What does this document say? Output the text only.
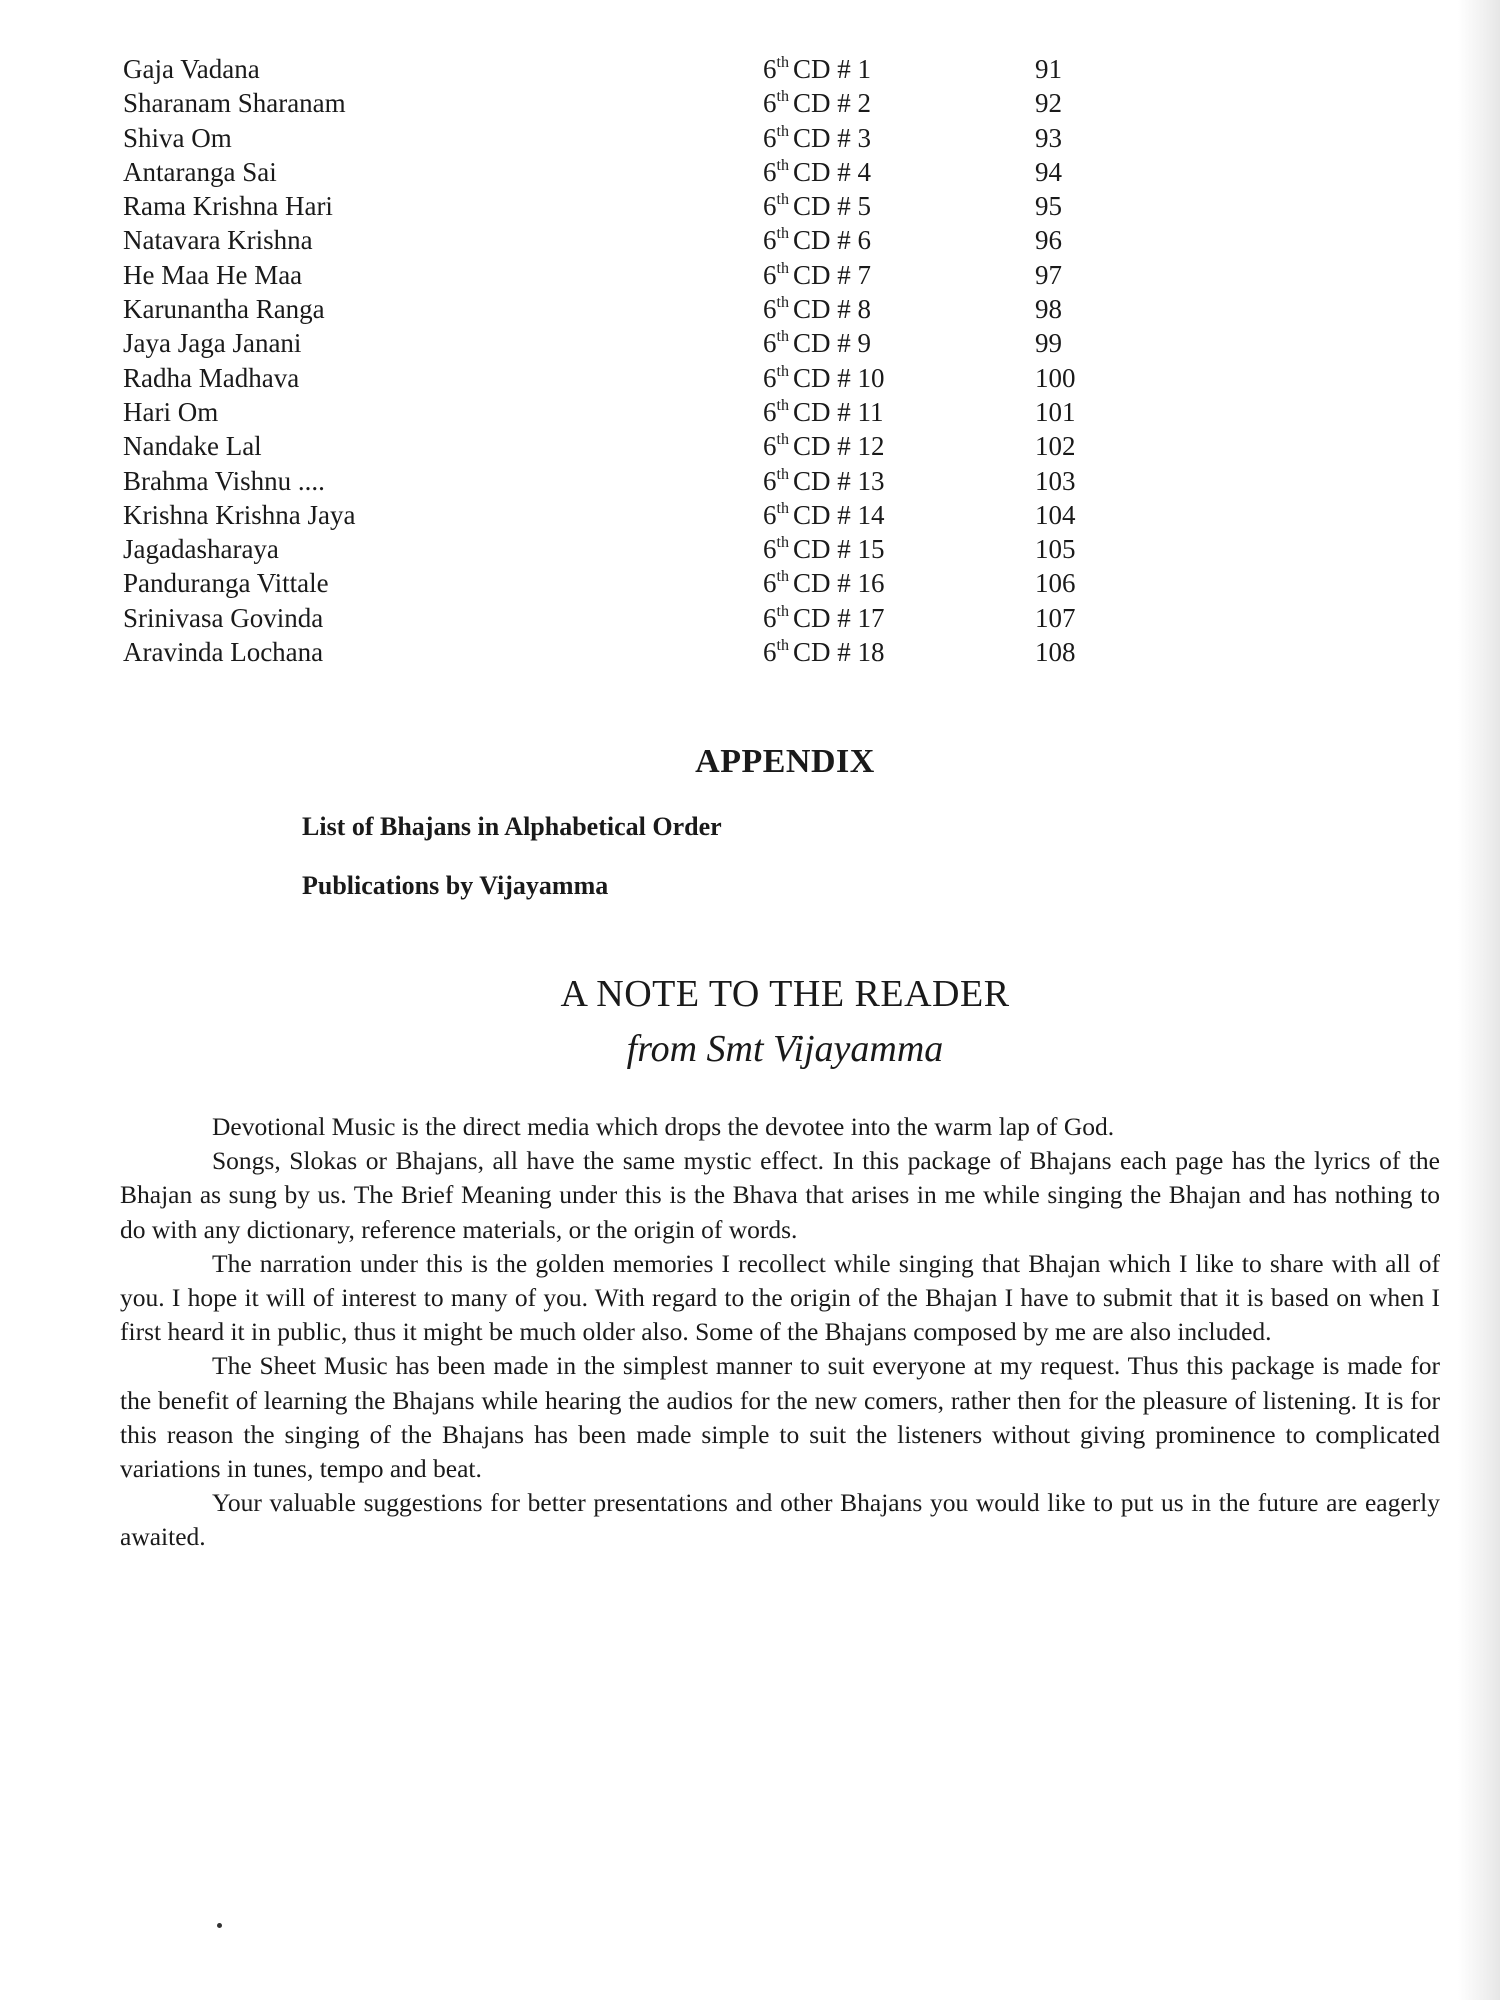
Gaja Vadana	6th CD # 1	91
Sharanam Sharanam	6th CD # 2	92
Shiva Om	6th CD # 3	93
Antaranga Sai	6th CD # 4	94
Rama Krishna Hari	6th CD # 5	95
Natavara Krishna	6th CD # 6	96
He Maa He Maa	6th CD # 7	97
Karunantha Ranga	6th CD # 8	98
Jaya Jaga Janani	6th CD # 9	99
Radha Madhava	6th CD # 10	100
Hari Om	6th CD # 11	101
Nandake Lal	6th CD # 12	102
Brahma Vishnu ....	6th CD # 13	103
Krishna Krishna Jaya	6th CD # 14	104
Jagadasharaya	6th CD # 15	105
Panduranga Vittale	6th CD # 16	106
Srinivasa Govinda	6th CD # 17	107
Aravinda Lochana	6th CD # 18	108
APPENDIX
List of Bhajans in Alphabetical Order
Publications by Vijayamma
A NOTE TO THE READER
from Smt Vijayamma

Devotional Music is the direct media which drops the devotee into the warm lap of God.

Songs, Slokas or Bhajans, all have the same mystic effect. In this package of Bhajans each page has the lyrics of the Bhajan as sung by us. The Brief Meaning under this is the Bhava that arises in me while singing the Bhajan and has nothing to do with any dictionary, reference materials, or the origin of words.

The narration under this is the golden memories I recollect while singing that Bhajan which I like to share with all of you. I hope it will of interest to many of you. With regard to the origin of the Bhajan I have to submit that it is based on when I first heard it in public, thus it might be much older also. Some of the Bhajans composed by me are also included.

The Sheet Music has been made in the simplest manner to suit everyone at my request. Thus this package is made for the benefit of learning the Bhajans while hearing the audios for the new comers, rather then for the pleasure of listening. It is for this reason the singing of the Bhajans has been made simple to suit the listeners without giving prominence to complicated variations in tunes, tempo and beat.

Your valuable suggestions for better presentations and other Bhajans you would like to put us in the future are eagerly awaited.
